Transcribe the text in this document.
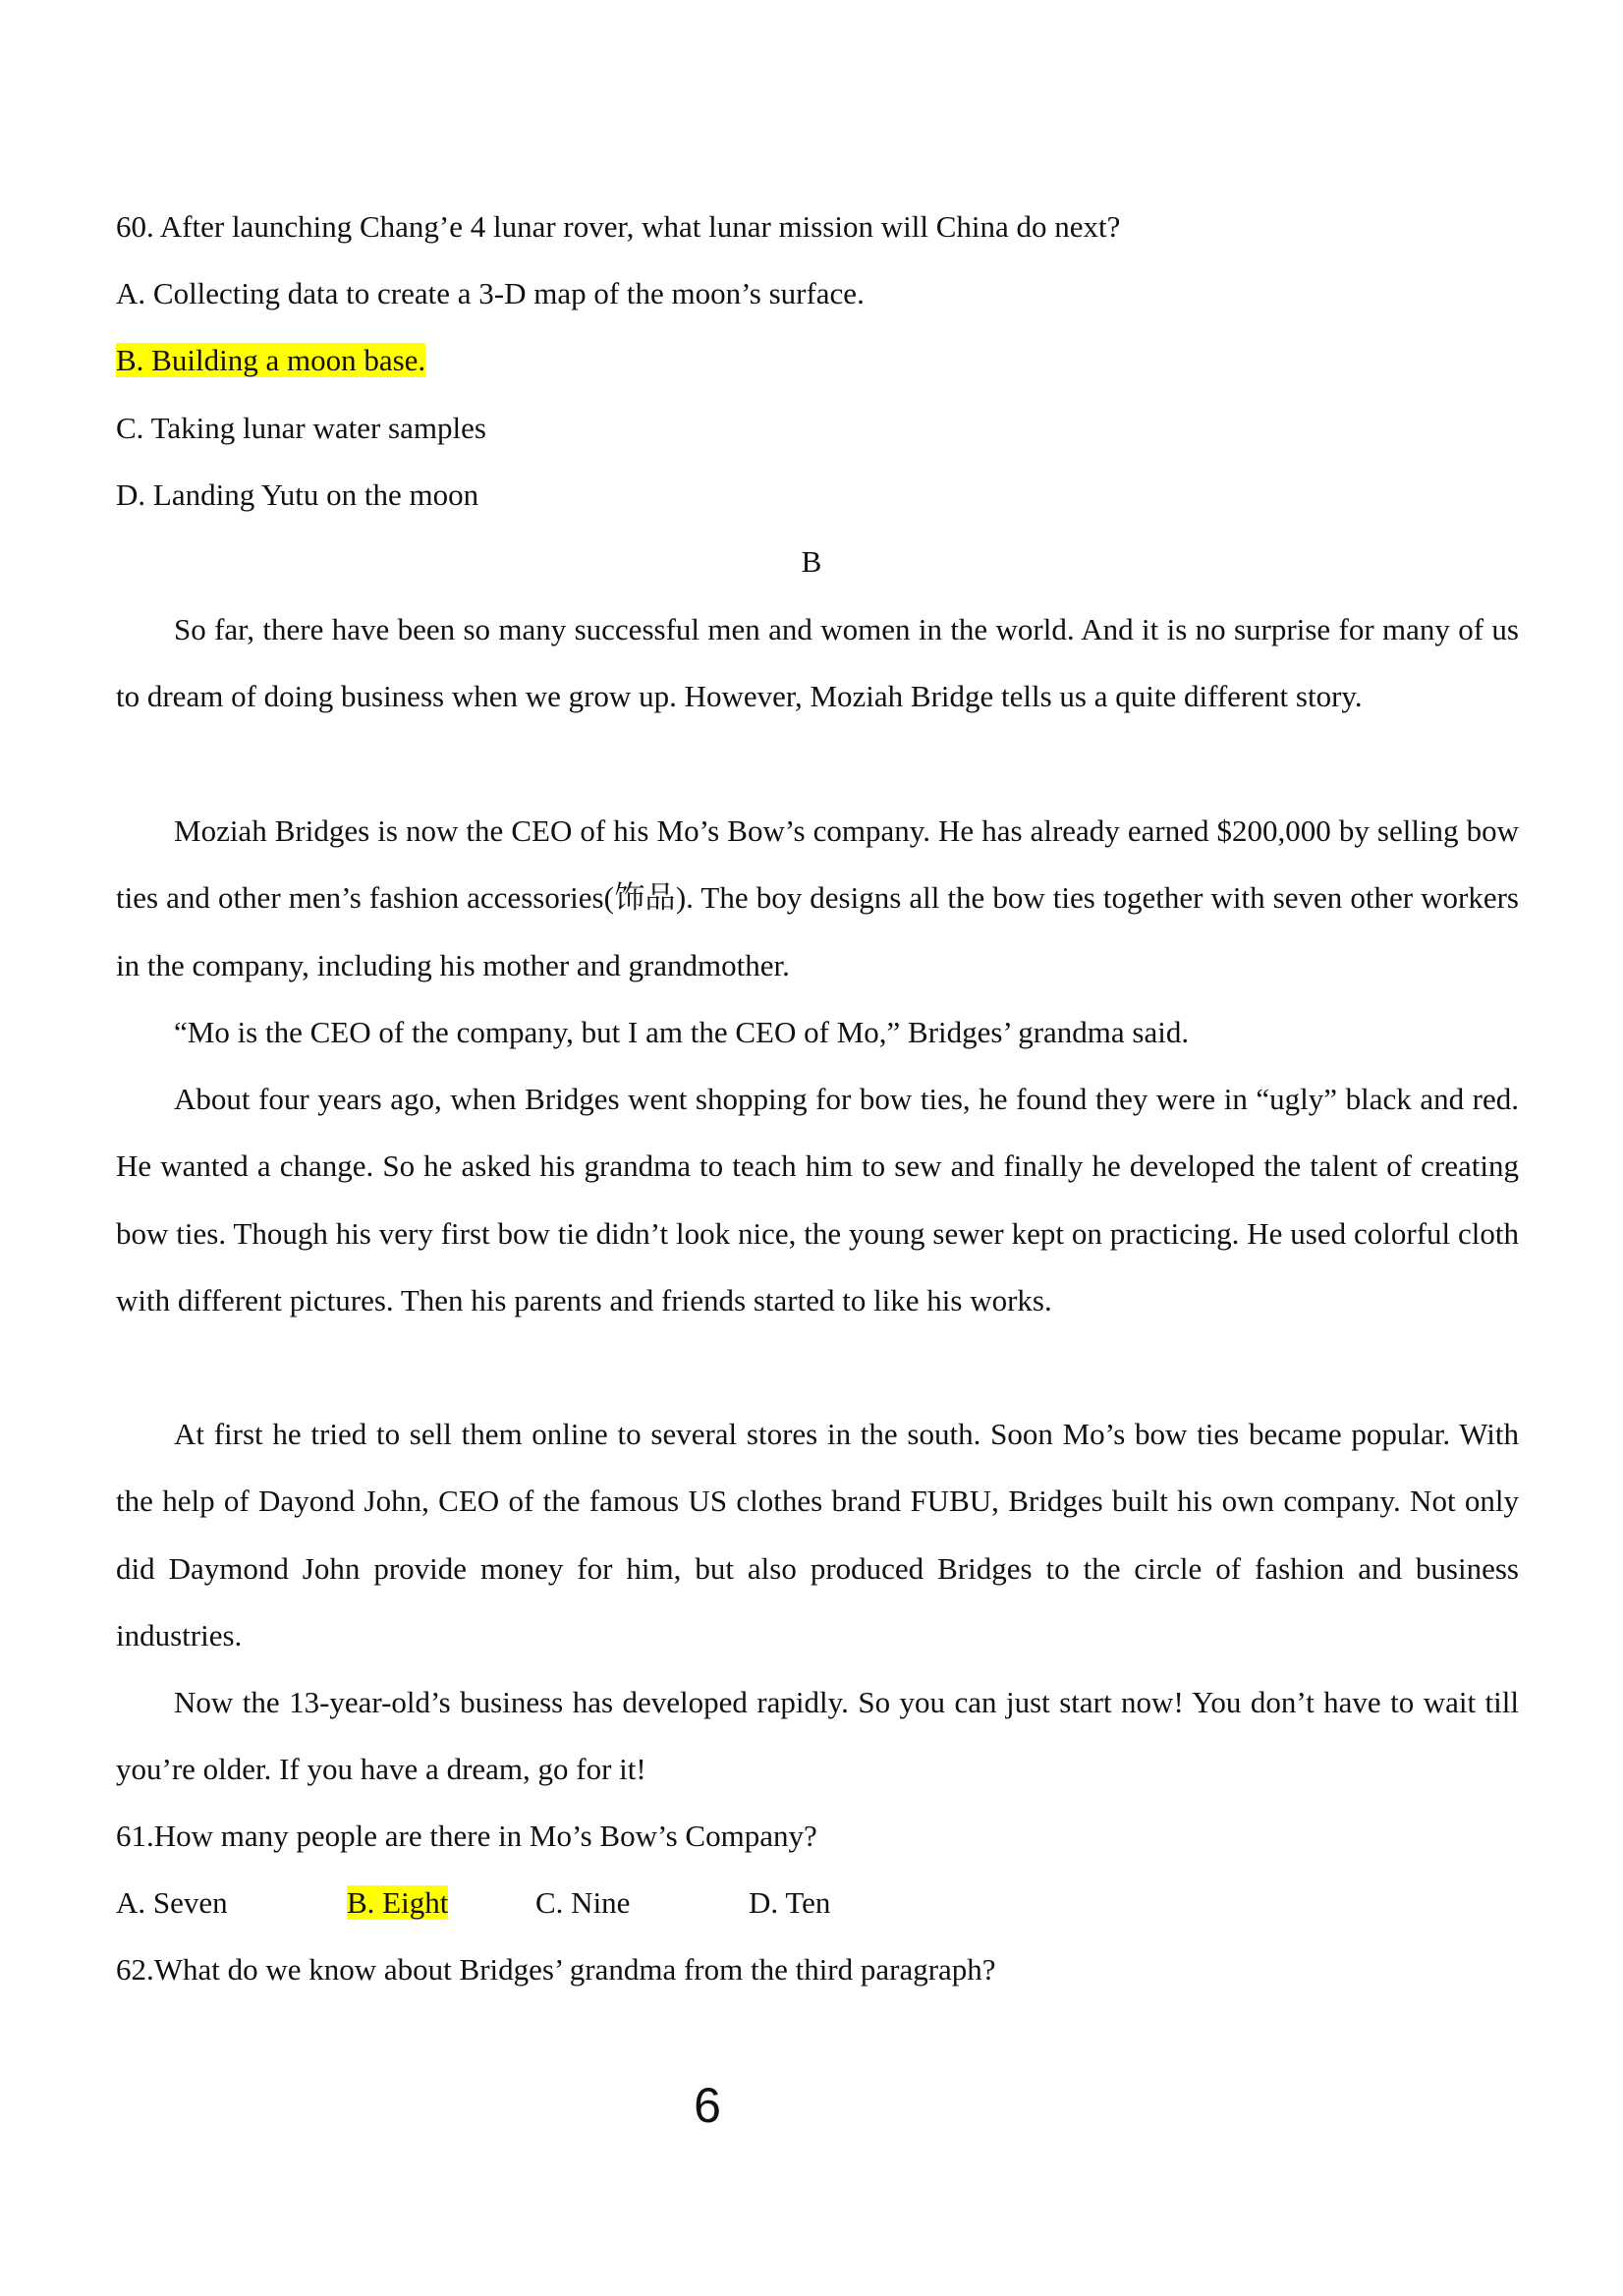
60. After launching Chang’e 4 lunar rover, what lunar mission will China do next?
A. Collecting data to create a 3-D map of the moon’s surface.
B. Building a moon base.
C. Taking lunar water samples
D. Landing Yutu on the moon
B

So far, there have been so many successful men and women in the world. And it is no surprise for many of us to dream of doing business when we grow up. However, Moziah Bridge tells us a quite different story.

Moziah Bridges is now the CEO of his Mo’s Bow’s company. He has already earned $200,000 by selling bow ties and other men’s fashion accessories(饰品). The boy designs all the bow ties together with seven other workers in the company, including his mother and grandmother.

“Mo is the CEO of the company, but I am the CEO of Mo,” Bridges’ grandma said.

About four years ago, when Bridges went shopping for bow ties, he found they were in “ugly” black and red. He wanted a change. So he asked his grandma to teach him to sew and finally he developed the talent of creating bow ties. Though his very first bow tie didn’t look nice, the young sewer kept on practicing. He used colorful cloth with different pictures. Then his parents and friends started to like his works.

At first he tried to sell them online to several stores in the south. Soon Mo’s bow ties became popular. With the help of Dayond John, CEO of the famous US clothes brand FUBU, Bridges built his own company. Not only did Daymond John provide money for him, but also produced Bridges to the circle of fashion and business industries.

Now the 13-year-old’s business has developed rapidly. So you can just start now! You don’t have to wait till you’re older. If you have a dream, go for it!

61.How many people are there in Mo’s Bow’s Company?
A. Seven	B. Eight	C. Nine	D. Ten
62.What do we know about Bridges’ grandma from the third paragraph?
6
